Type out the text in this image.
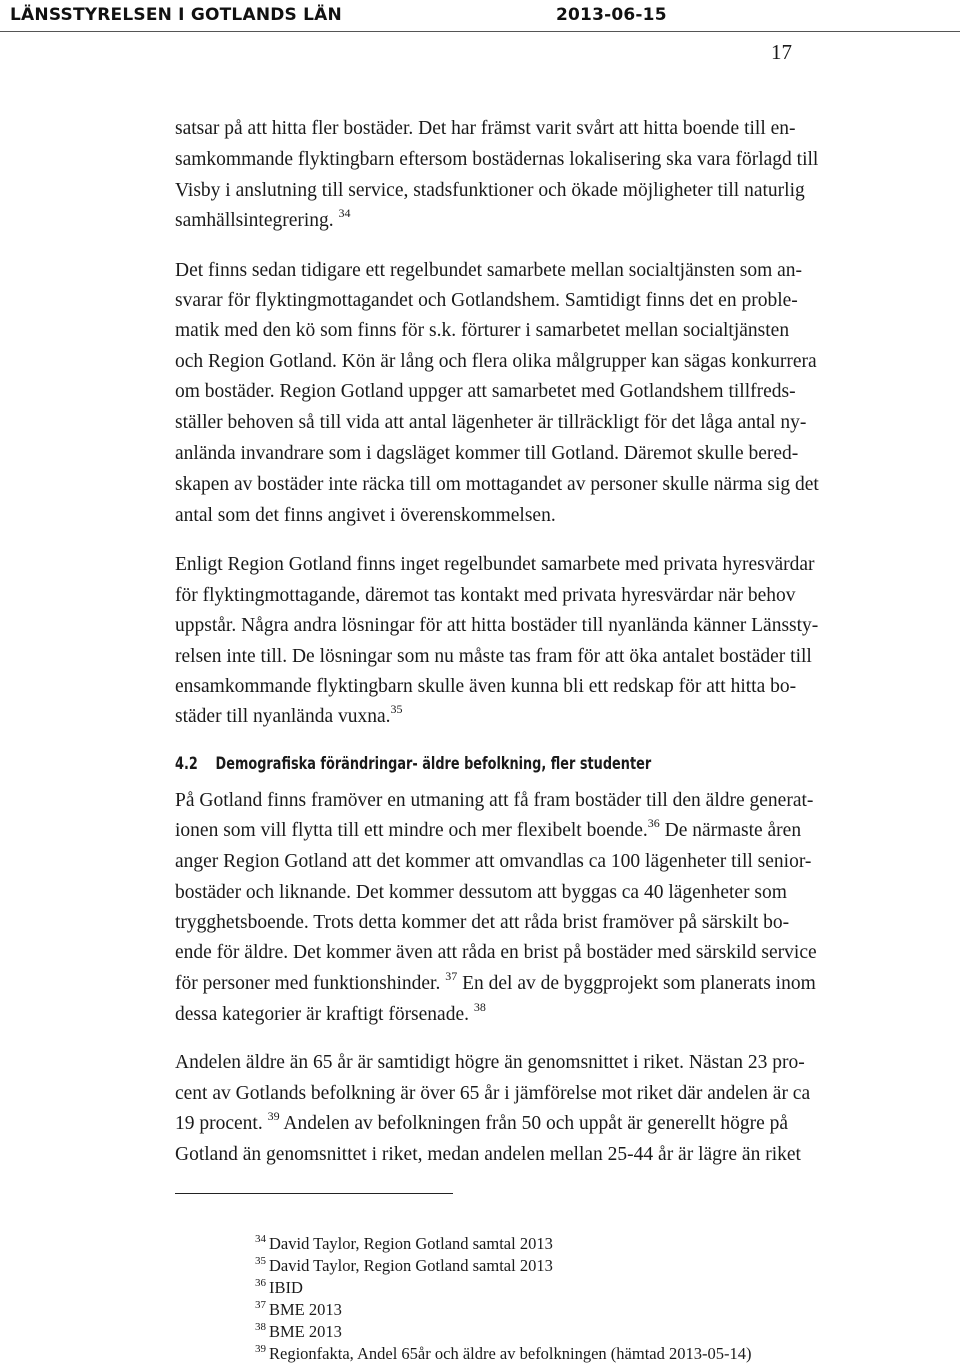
LÄNSSTYRELSEN I GOTLANDS LÄN	2013-06-15
17
satsar på att hitta fler bostäder. Det har främst varit svårt att hitta boende till en-
samkommande flyktingbarn eftersom bostädernas lokalisering ska vara förlagd till
Visby i anslutning till service, stadsfunktioner och ökade möjligheter till naturlig
samhällsintegrering. $^{34}$
Det finns sedan tidigare ett regelbundet samarbete mellan socialtjänsten som an-
svarar för flyktingmottagandet och Gotlandshem. Samtidigt finns det en proble-
matik med den kö som finns för s.k. förturer i samarbetet mellan socialtjänsten
och Region Gotland. Kön är lång och flera olika målgrupper kan sägas konkurrera
om bostäder. Region Gotland uppger att samarbetet med Gotlandshem tillfreds-
ställer behoven så till vida att antal lägenheter är tillräckligt för det låga antal ny-
anlända invandrare som i dagsläget kommer till Gotland. Däremot skulle bered-
skapen av bostäder inte räcka till om mottagandet av personer skulle närma sig det
antal som det finns angivet i överenskommelsen.
Enligt Region Gotland finns inget regelbundet samarbete med privata hyresvärdar
för flyktingmottagande, däremot tas kontakt med privata hyresvärdar när behov
uppstår. Några andra lösningar för att hitta bostäder till nyanlända känner Länssty-
relsen inte till. De lösningar som nu måste tas fram för att öka antalet bostäder till
ensamkommande flyktingbarn skulle även kunna bli ett redskap för att hitta bo-
städer till nyanlända vuxna.$^{35}$
4.2 Demografiska förändringar- äldre befolkning, fler studenter
På Gotland finns framöver en utmaning att få fram bostäder till den äldre generat-
ionen som vill flytta till ett mindre och mer flexibelt boende.$^{36}$ De närmaste åren
anger Region Gotland att det kommer att omvandlas ca 100 lägenheter till senior-
bostäder och liknande. Det kommer dessutom att byggas ca 40 lägenheter som
trygghetsboende. Trots detta kommer det att råda brist framöver på särskilt bo-
ende för äldre. Det kommer även att råda en brist på bostäder med särskild service
för personer med funktionshinder. $^{37}$ En del av de byggprojekt som planerats inom
dessa kategorier är kraftigt försenade. $^{38}$
Andelen äldre än 65 år är samtidigt högre än genomsnittet i riket. Nästan 23 pro-
cent av Gotlands befolkning är över 65 år i jämförelse mot riket där andelen är ca
19 procent. $^{39}$ Andelen av befolkningen från 50 och uppåt är generellt högre på
Gotland än genomsnittet i riket, medan andelen mellan 25-44 år är lägre än riket
$^{34}$ David Taylor, Region Gotland samtal 2013
$^{35}$ David Taylor, Region Gotland samtal 2013
$^{36}$ IBID
$^{37}$ BME 2013
$^{38}$ BME 2013
$^{39}$ Regionfakta, Andel 65år och äldre av befolkningen (hämtad 2013-05-14)
